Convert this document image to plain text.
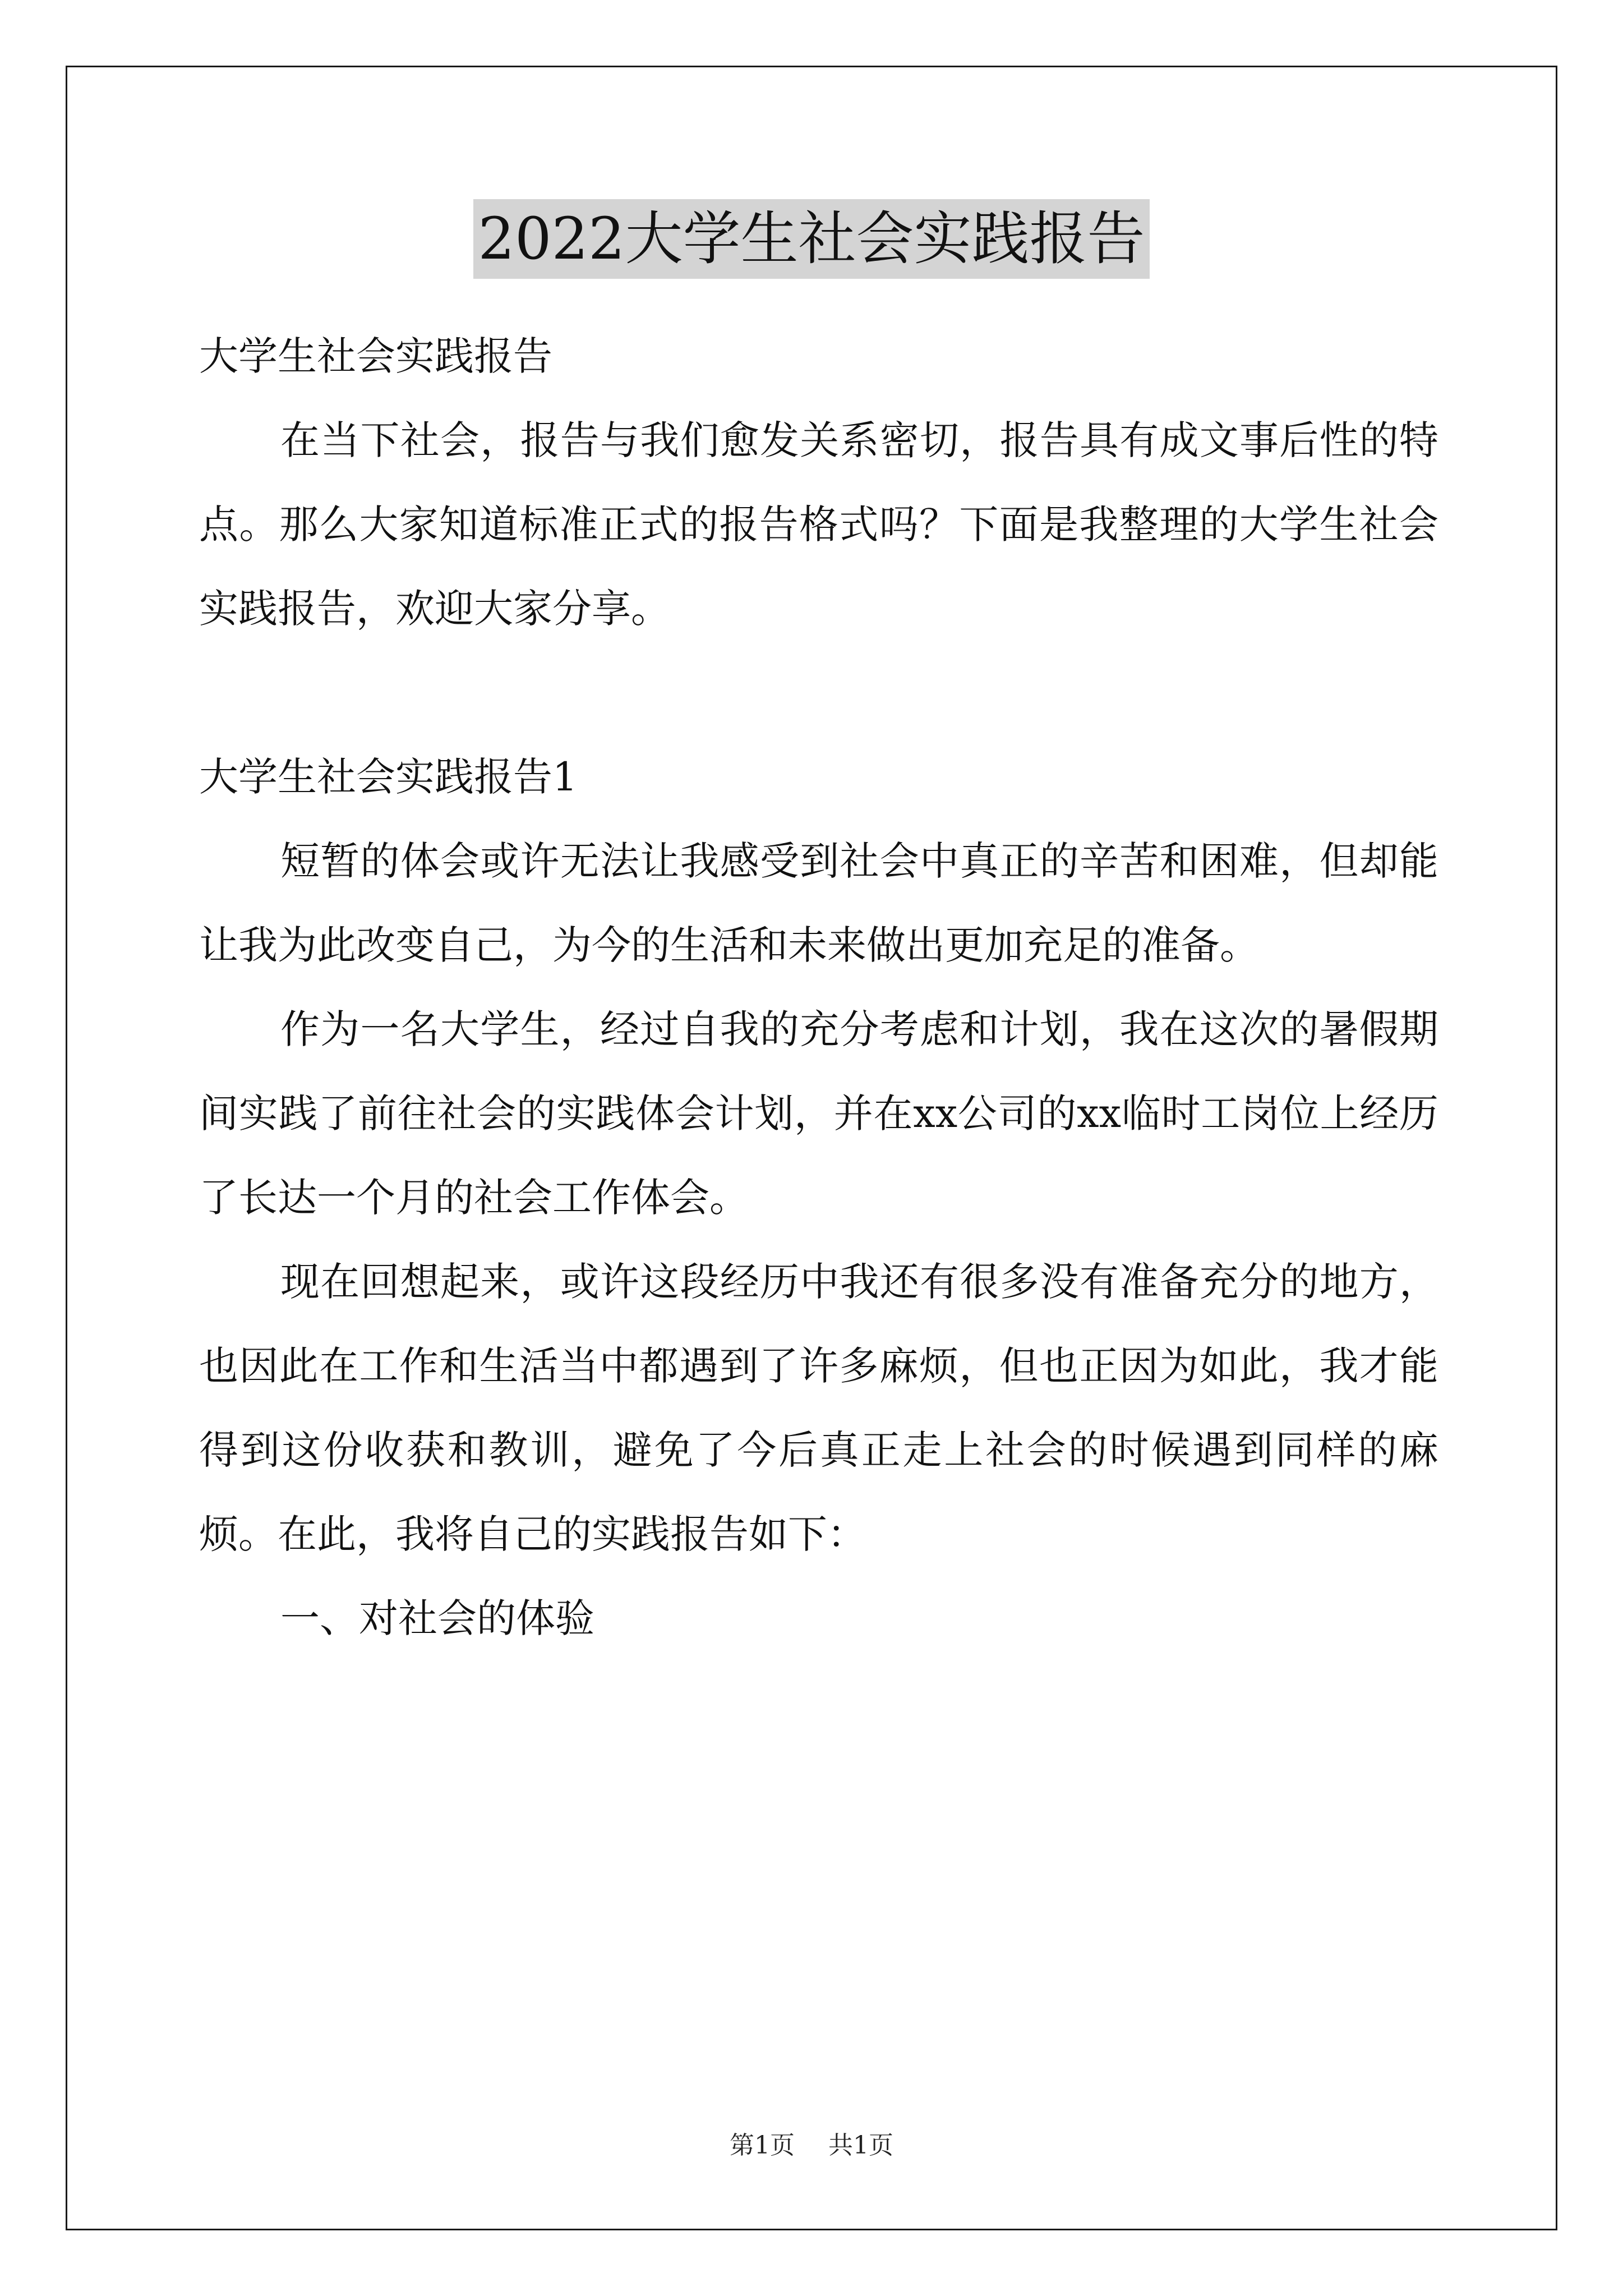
2022大学生社会实践报告

大学生社会实践报告

在当下社会，报告与我们愈发关系密切，报告具有成文事后性的特点。那么大家知道标准正式的报告格式吗？下面是我整理的大学生社会实践报告，欢迎大家分享。

大学生社会实践报告1

短暂的体会或许无法让我感受到社会中真正的辛苦和困难，但却能让我为此改变自己，为今的生活和未来做出更加充足的准备。

作为一名大学生，经过自我的充分考虑和计划，我在这次的暑假期间实践了前往社会的实践体会计划，并在xx公司的xx临时工岗位上经历了长达一个月的社会工作体会。

现在回想起来，或许这段经历中我还有很多没有准备充分的地方，也因此在工作和生活当中都遇到了许多麻烦，但也正因为如此，我才能得到这份收获和教训，避免了今后真正走上社会的时候遇到同样的麻烦。在此，我将自己的实践报告如下：

一、对社会的体验

第1页 共1页
